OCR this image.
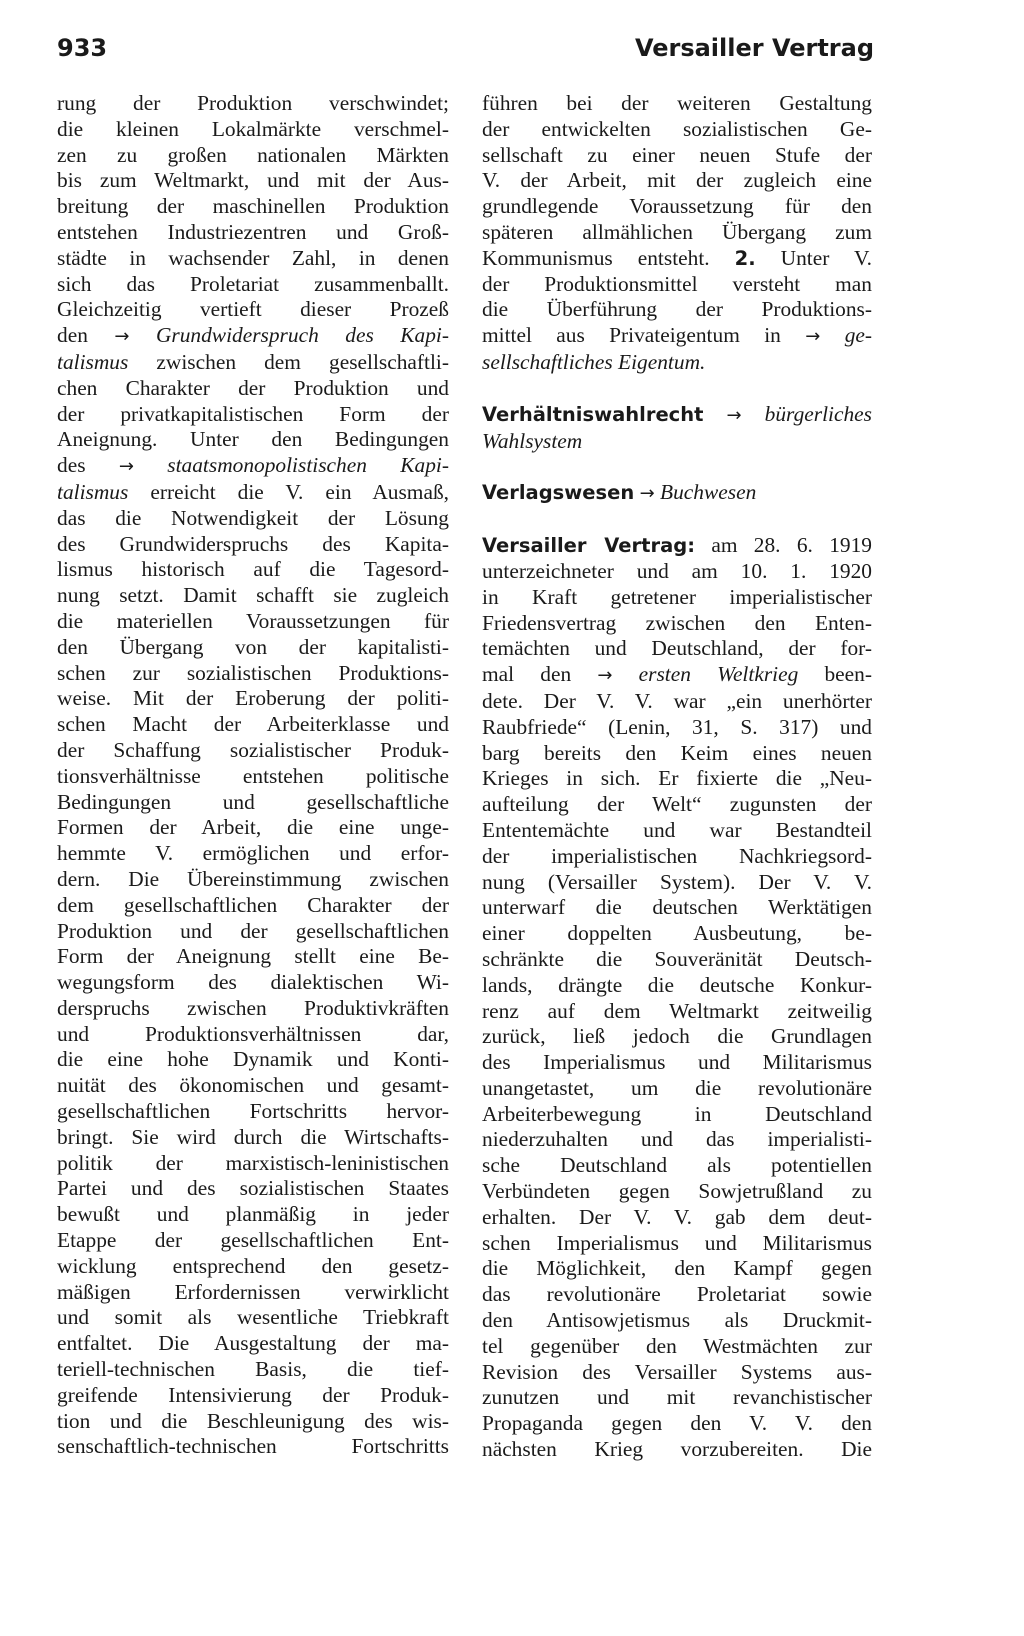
933	Versailler Vertrag
rung der Produktion verschwindet;
die kleinen Lokalmärkte verschmel-
zen zu großen nationalen Märkten
bis zum Weltmarkt, und mit der Aus-
breitung der maschinellen Produktion
entstehen Industriezentren und Groß-
städte in wachsender Zahl, in denen
sich das Proletariat zusammenballt.
Gleichzeitig vertieft dieser Prozeß
den → Grundwiderspruch des Kapi-
talismus zwischen dem gesellschaftli-
chen Charakter der Produktion und
der privatkapitalistischen Form der
Aneignung. Unter den Bedingungen
des → staatsmonopolistischen Kapi-
talismus erreicht die V. ein Ausmaß,
das die Notwendigkeit der Lösung
des Grundwiderspruchs des Kapita-
lismus historisch auf die Tagesord-
nung setzt. Damit schafft sie zugleich
die materiellen Voraussetzungen für
den Übergang von der kapitalisti-
schen zur sozialistischen Produktions-
weise. Mit der Eroberung der politi-
schen Macht der Arbeiterklasse und
der Schaffung sozialistischer Produk-
tionsverhältnisse entstehen politische
Bedingungen und gesellschaftliche
Formen der Arbeit, die eine unge-
hemmte V. ermöglichen und erfor-
dern. Die Übereinstimmung zwischen
dem gesellschaftlichen Charakter der
Produktion und der gesellschaftlichen
Form der Aneignung stellt eine Be-
wegungsform des dialektischen Wi-
derspruchs zwischen Produktivkräften
und Produktionsverhältnissen dar,
die eine hohe Dynamik und Konti-
nuität des ökonomischen und gesamt-
gesellschaftlichen Fortschritts hervor-
bringt. Sie wird durch die Wirtschafts-
politik der marxistisch-leninistischen
Partei und des sozialistischen Staates
bewußt und planmäßig in jeder
Etappe der gesellschaftlichen Ent-
wicklung entsprechend den gesetz-
mäßigen Erfordernissen verwirklicht
und somit als wesentliche Triebkraft
entfaltet. Die Ausgestaltung der ma-
teriell-technischen Basis, die tief-
greifende Intensivierung der Produk-
tion und die Beschleunigung des wis-
senschaftlich-technischen Fortschritts
führen bei der weiteren Gestaltung
der entwickelten sozialistischen Ge-
sellschaft zu einer neuen Stufe der
V. der Arbeit, mit der zugleich eine
grundlegende Voraussetzung für den
späteren allmählichen Übergang zum
Kommunismus entsteht. 2. Unter V.
der Produktionsmittel versteht man
die Überführung der Produktions-
mittel aus Privateigentum in → ge-
sellschaftliches Eigentum.
Verhältniswahlrecht → bürgerliches
Wahlsystem
Verlagswesen → Buchwesen
Versailler Vertrag: am 28. 6. 1919
unterzeichneter und am 10. 1. 1920
in Kraft getretener imperialistischer
Friedensvertrag zwischen den Enten-
temächten und Deutschland, der for-
mal den → ersten Weltkrieg been-
dete. Der V. V. war „ein unerhörter
Raubfriede“ (Lenin, 31, S. 317) und
barg bereits den Keim eines neuen
Krieges in sich. Er fixierte die „Neu-
aufteilung der Welt“ zugunsten der
Ententemächte und war Bestandteil
der imperialistischen Nachkriegsord-
nung (Versailler System). Der V. V.
unterwarf die deutschen Werktätigen
einer doppelten Ausbeutung, be-
schränkte die Souveränität Deutsch-
lands, drängte die deutsche Konkur-
renz auf dem Weltmarkt zeitweilig
zurück, ließ jedoch die Grundlagen
des Imperialismus und Militarismus
unangetastet, um die revolutionäre
Arbeiterbewegung in Deutschland
niederzuhalten und das imperialisti-
sche Deutschland als potentiellen
Verbündeten gegen Sowjetrußland zu
erhalten. Der V. V. gab dem deut-
schen Imperialismus und Militarismus
die Möglichkeit, den Kampf gegen
das revolutionäre Proletariat sowie
den Antisowjetismus als Druckmit-
tel gegenüber den Westmächten zur
Revision des Versailler Systems aus-
zunutzen und mit revanchistischer
Propaganda gegen den V. V. den
nächsten Krieg vorzubereiten. Die
